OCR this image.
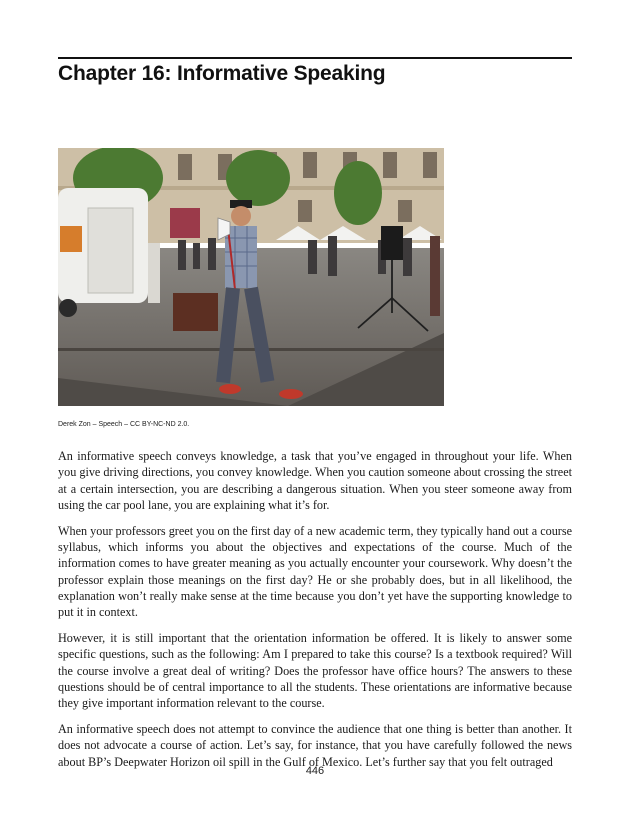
Chapter 16: Informative Speaking

Derek Zon – Speech – CC BY-NC-ND 2.0.

An informative speech conveys knowledge, a task that you’ve engaged in throughout your life. When you give driving directions, you convey knowledge. When you caution someone about crossing the street at a certain intersection, you are describing a dangerous situation. When you steer someone away from using the car pool lane, you are explaining what it’s for.

When your professors greet you on the first day of a new academic term, they typically hand out a course syllabus, which informs you about the objectives and expectations of the course. Much of the information comes to have greater meaning as you actually encounter your coursework. Why doesn’t the professor explain those meanings on the first day? He or she probably does, but in all likelihood, the explanation won’t really make sense at the time because you don’t yet have the supporting knowledge to put it in context.

However, it is still important that the orientation information be offered. It is likely to answer some specific questions, such as the following: Am I prepared to take this course? Is a textbook required? Will the course involve a great deal of writing? Does the professor have office hours? The answers to these questions should be of central importance to all the students. These orientations are informative because they give important information relevant to the course.

An informative speech does not attempt to convince the audience that one thing is better than another. It does not advocate a course of action. Let’s say, for instance, that you have carefully followed the news about BP’s Deepwater Horizon oil spill in the Gulf of Mexico. Let’s further say that you felt outraged

446
